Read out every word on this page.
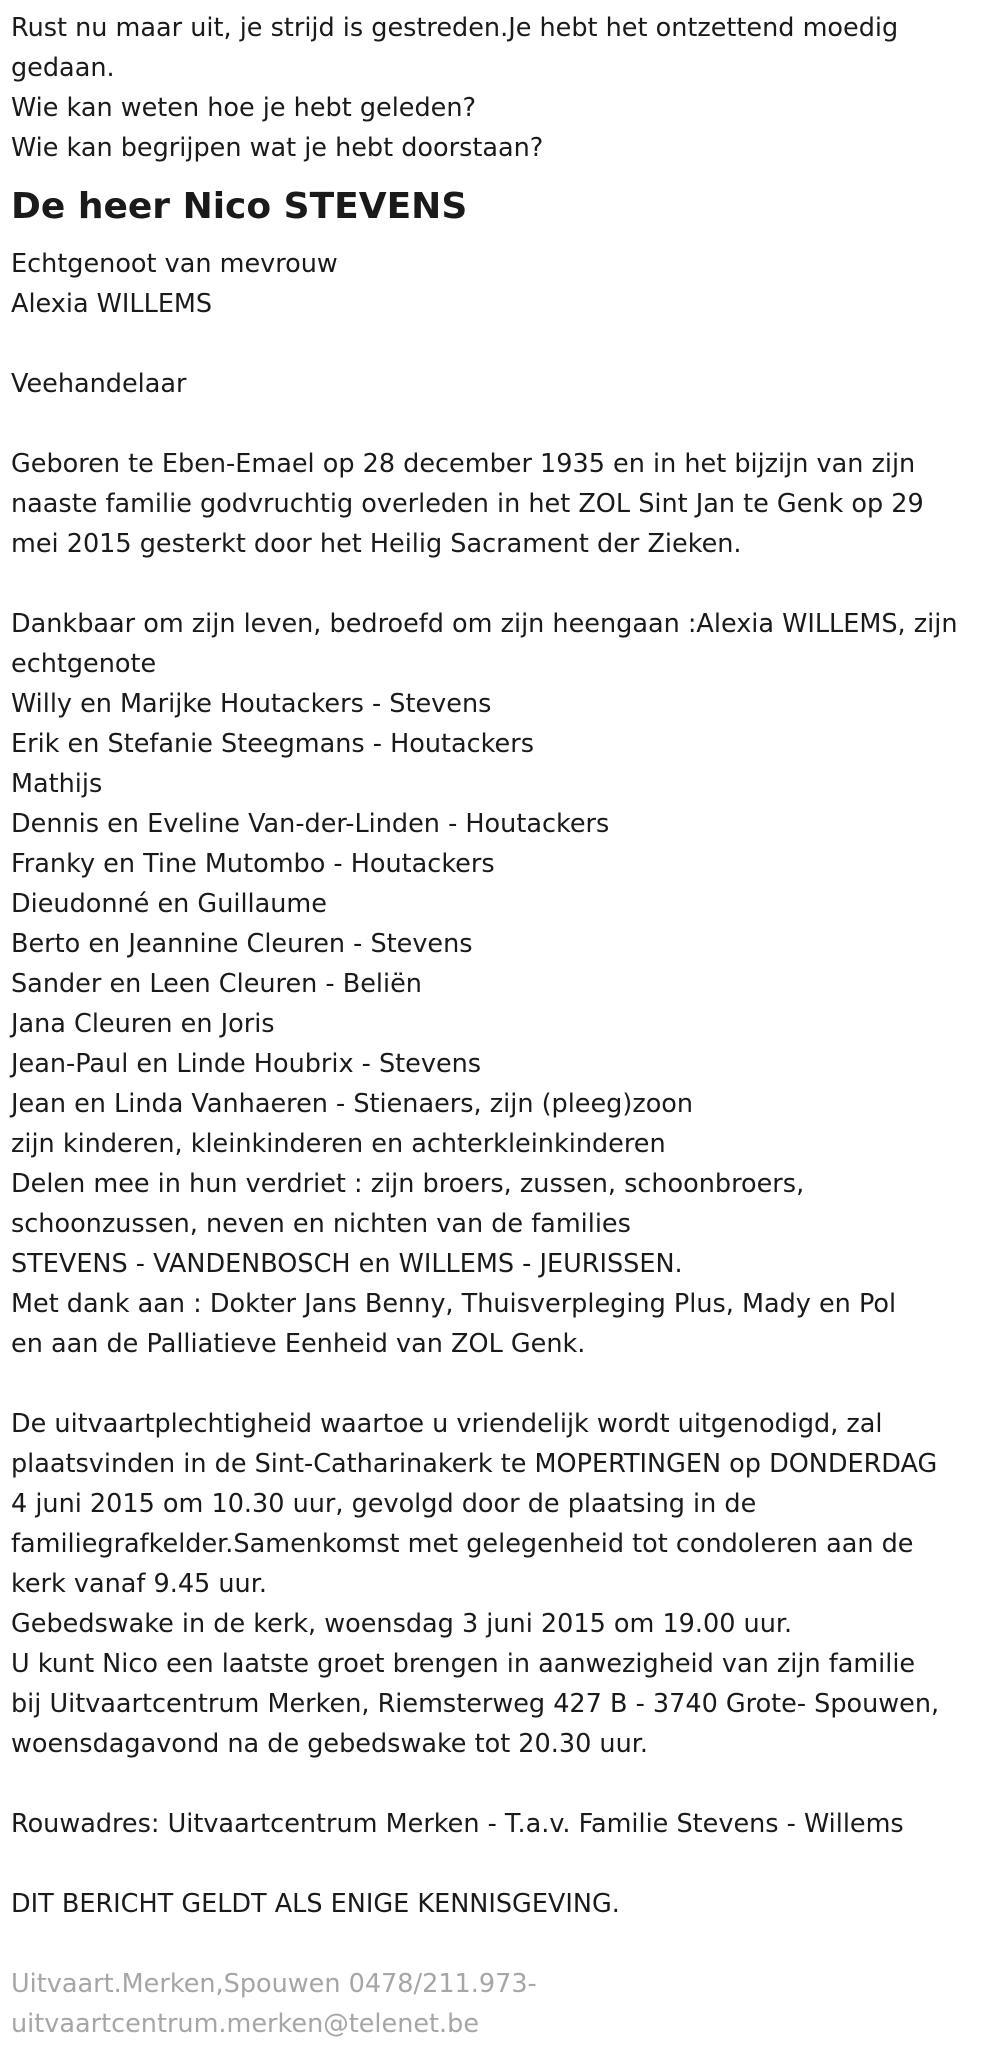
Rust nu maar uit, je strijd is gestreden.Je hebt het ontzettend moedig
gedaan.
Wie kan weten hoe je hebt geleden?
Wie kan begrijpen wat je hebt doorstaan?
De heer Nico STEVENS
Echtgenoot van mevrouw
Alexia WILLEMS
Veehandelaar
Geboren te Eben-Emael op 28 december 1935 en in het bijzijn van zijn
naaste familie godvruchtig overleden in het ZOL Sint Jan te Genk op 29
mei 2015 gesterkt door het Heilig Sacrament der Zieken.
Dankbaar om zijn leven, bedroefd om zijn heengaan :Alexia WILLEMS, zijn
echtgenote
Willy en Marijke Houtackers - Stevens
Erik en Stefanie Steegmans - Houtackers
Mathijs
Dennis en Eveline Van-der-Linden - Houtackers
Franky en Tine Mutombo - Houtackers
Dieudonné en Guillaume
Berto en Jeannine Cleuren - Stevens
Sander en Leen Cleuren - Beliën
Jana Cleuren en Joris
Jean-Paul en Linde Houbrix - Stevens
Jean en Linda Vanhaeren - Stienaers, zijn (pleeg)zoon
zijn kinderen, kleinkinderen en achterkleinkinderen
Delen mee in hun verdriet : zijn broers, zussen, schoonbroers,
schoonzussen, neven en nichten van de families
STEVENS - VANDENBOSCH en WILLEMS - JEURISSEN.
Met dank aan : Dokter Jans Benny, Thuisverpleging Plus, Mady en Pol
en aan de Palliatieve Eenheid van ZOL Genk.
De uitvaartplechtigheid waartoe u vriendelijk wordt uitgenodigd, zal
plaatsvinden in de Sint-Catharinakerk te MOPERTINGEN op DONDERDAG
4 juni 2015 om 10.30 uur, gevolgd door de plaatsing in de
familiegrafkelder.Samenkomst met gelegenheid tot condoleren aan de
kerk vanaf 9.45 uur.
Gebedswake in de kerk, woensdag 3 juni 2015 om 19.00 uur.
U kunt Nico een laatste groet brengen in aanwezigheid van zijn familie
bij Uitvaartcentrum Merken, Riemsterweg 427 B - 3740 Grote- Spouwen,
woensdagavond na de gebedswake tot 20.30 uur.
Rouwadres: Uitvaartcentrum Merken - T.a.v. Familie Stevens - Willems
DIT BERICHT GELDT ALS ENIGE KENNISGEVING.
Uitvaart.Merken,Spouwen 0478/211.973-
uitvaartcentrum.merken@telenet.be
